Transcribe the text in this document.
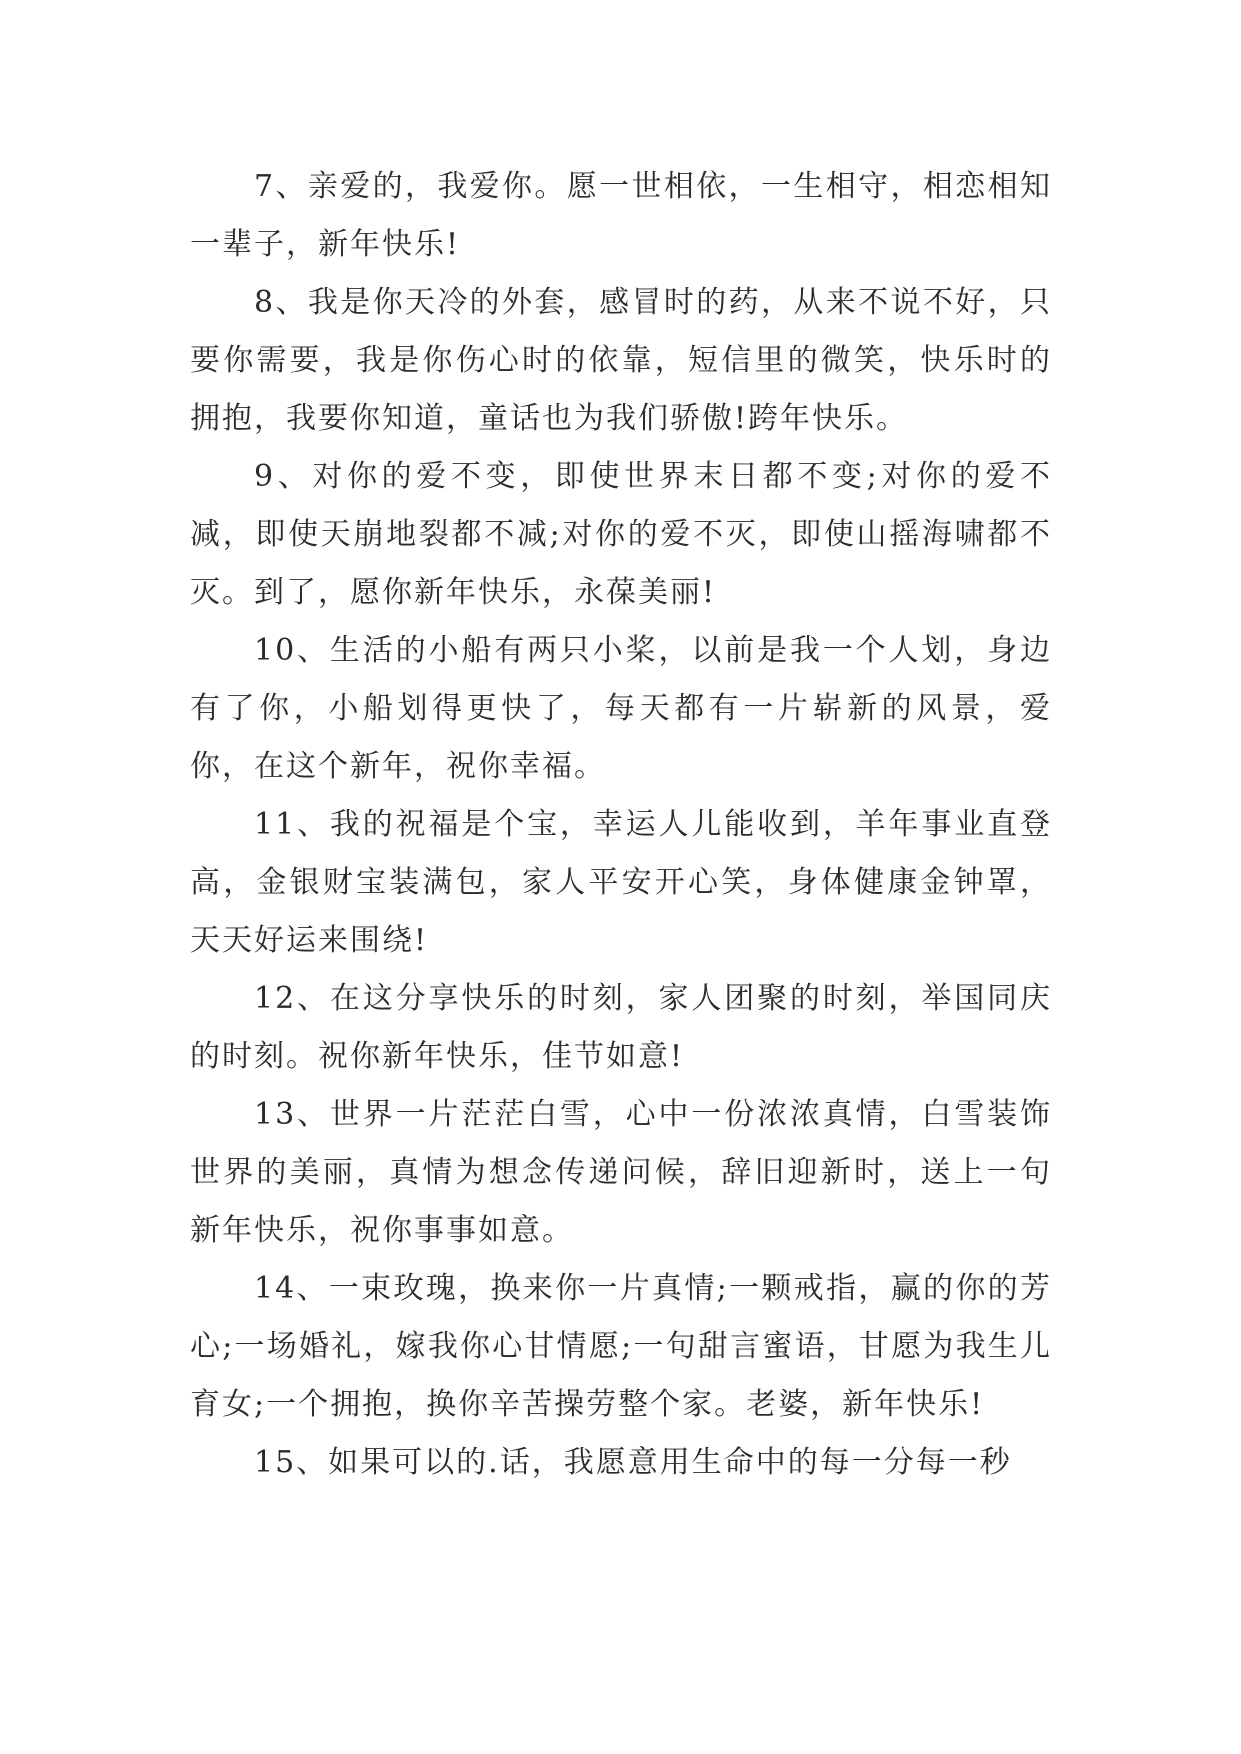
7、亲爱的，我爱你。愿一世相依，一生相守，相恋相知一辈子，新年快乐!

8、我是你天冷的外套，感冒时的药，从来不说不好，只要你需要，我是你伤心时的依靠，短信里的微笑，快乐时的拥抱，我要你知道，童话也为我们骄傲!跨年快乐。

9、对你的爱不变，即使世界末日都不变;对你的爱不减，即使天崩地裂都不减;对你的爱不灭，即使山摇海啸都不灭。到了，愿你新年快乐，永葆美丽!

10、生活的小船有两只小桨，以前是我一个人划，身边有了你，小船划得更快了，每天都有一片崭新的风景，爱你，在这个新年，祝你幸福。

11、我的祝福是个宝，幸运人儿能收到，羊年事业直登高，金银财宝装满包，家人平安开心笑，身体健康金钟罩，天天好运来围绕!

12、在这分享快乐的时刻，家人团聚的时刻，举国同庆的时刻。祝你新年快乐，佳节如意!

13、世界一片茫茫白雪，心中一份浓浓真情，白雪装饰世界的美丽，真情为想念传递问候，辞旧迎新时，送上一句新年快乐，祝你事事如意。

14、一束玫瑰，换来你一片真情;一颗戒指，赢的你的芳心;一场婚礼，嫁我你心甘情愿;一句甜言蜜语，甘愿为我生儿育女;一个拥抱，换你辛苦操劳整个家。老婆，新年快乐!

15、如果可以的.话，我愿意用生命中的每一分每一秒
